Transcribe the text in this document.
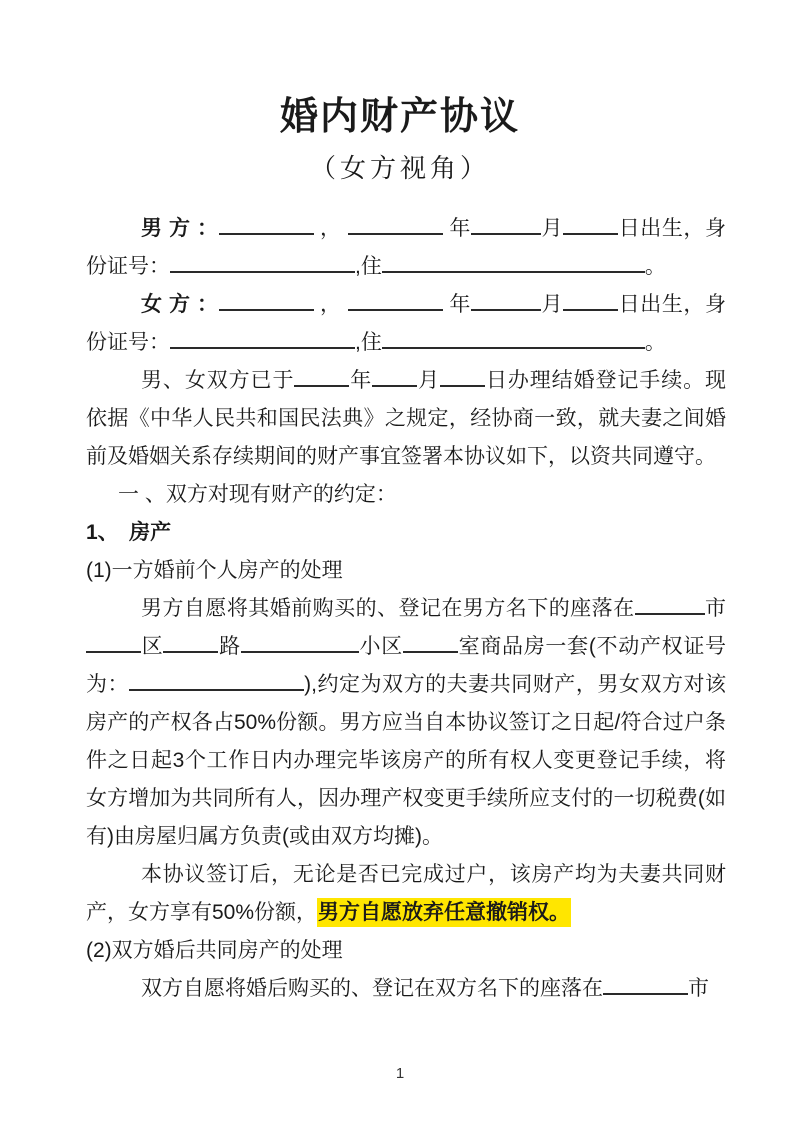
婚内财产协议
（女方视角）

男 方 ：	，	年	月	日出生，身份证号：	,住	。

女 方 ：	，	年	月	日出生，身份证号：	,住	。

男、女双方已于	年 月 日办理结婚登记手续。现依据《中华人民共和国民法典》之规定，经协商一致，就夫妻之间婚前及婚姻关系存续期间的财产事宜签署本协议如下，以资共同遵守。

一 、双方对现有财产的约定：

1、　房产

(1)一方婚前个人房产的处理

男方自愿将其婚前购买的、登记在男方名下的座落在	市区	路	小区	室商品房一套(不动产权证号为：	),约定为双方的夫妻共同财产，男女双方对该房产的产权各占50%份额。男方应当自本协议签订之日起/符合过户条件之日起3个工作日内办理完毕该房产的所有权人变更登记手续，将女方增加为共同所有人，因办理产权变更手续所应支付的一切税费(如有)由房屋归属方负责(或由双方均摊)。

本协议签订后，无论是否已完成过户，该房产均为夫妻共同财产，女方享有50%份额，男方自愿放弃任意撤销权。

(2)双方婚后共同房产的处理

双方自愿将婚后购买的、登记在双方名下的座落在	市

1
